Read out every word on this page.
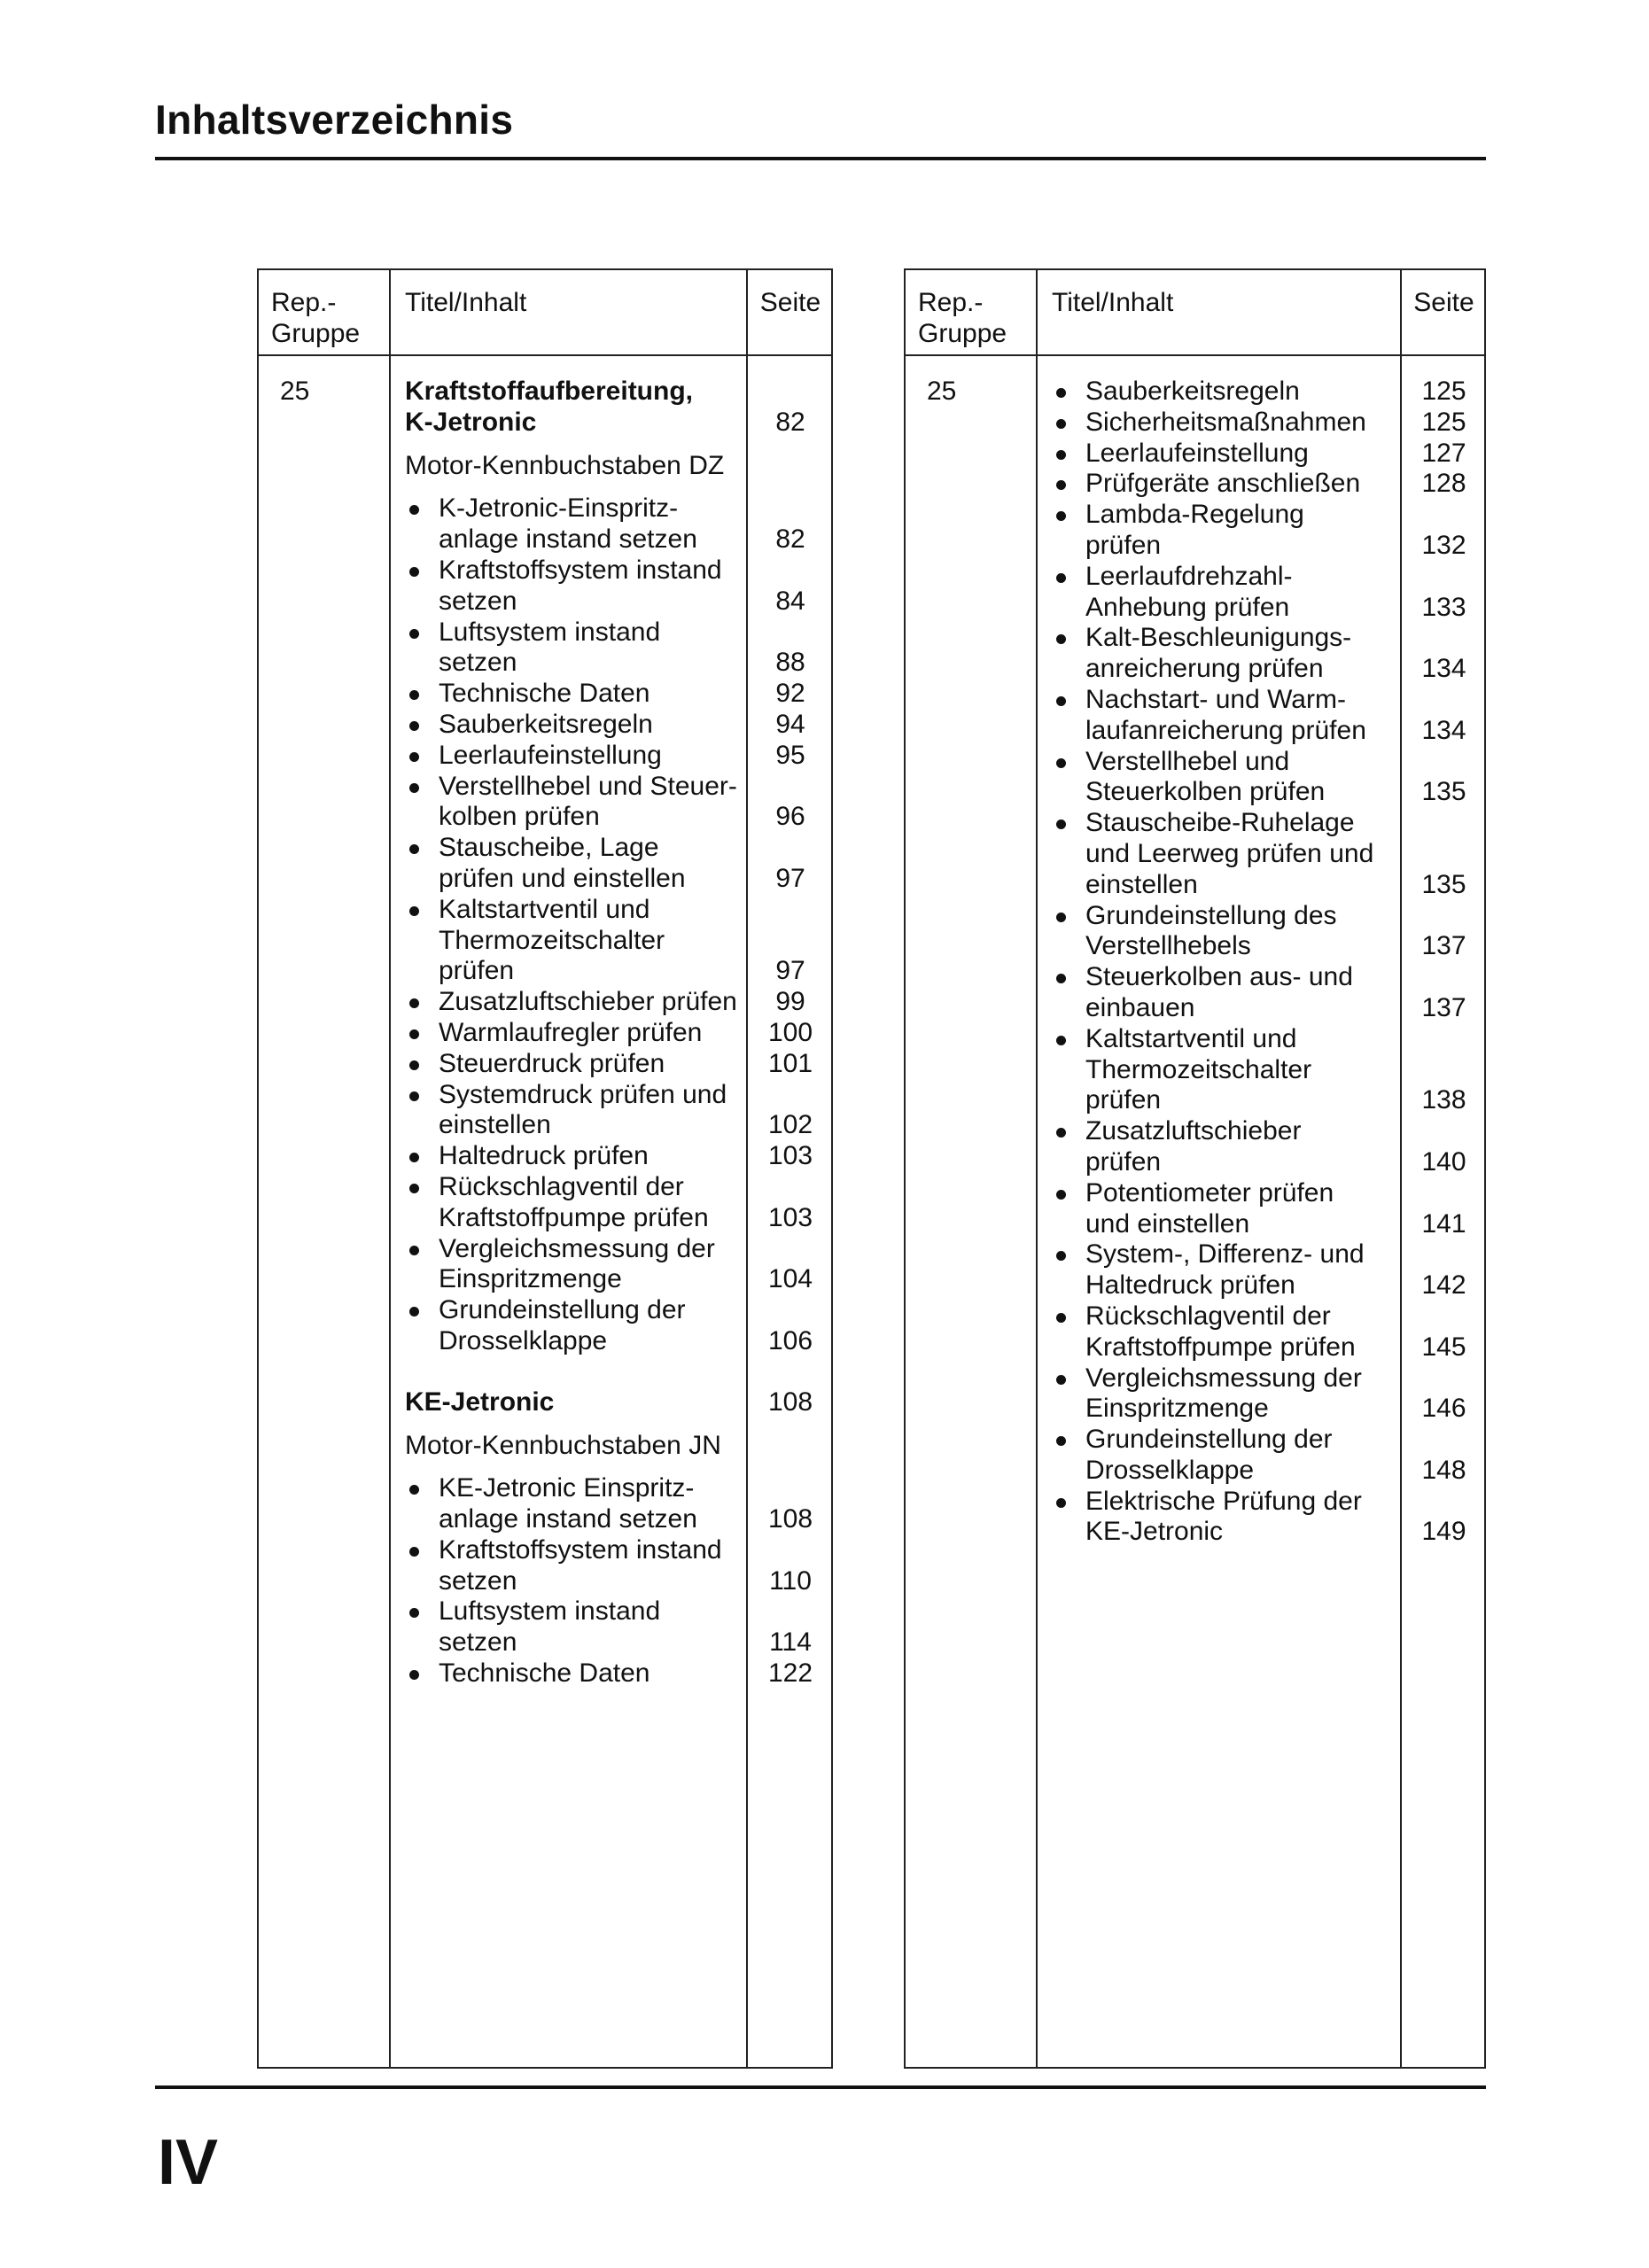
Inhaltsverzeichnis
Rep.-
Gruppe
Titel/Inhalt	Seite
25	Kraftstoffaufbereitung,
K-Jetronic	82
Motor-Kennbuchstaben DZ
K-Jetronic-Einspritz-
anlage instand setzen	82
Kraftstoffsystem instand
setzen	84
Luftsystem instand
setzen	88
Technische Daten	92
Sauberkeitsregeln	94
Leerlaufeinstellung	95
Verstellhebel und Steuer-
kolben prüfen	96
Stauscheibe, Lage
prüfen und einstellen	97
Kaltstartventil und
Thermozeitschalter
prüfen	97
Zusatzluftschieber prüfen	99
Warmlaufregler prüfen	100
Steuerdruck prüfen	101
Systemdruck prüfen und
einstellen	102
Haltedruck prüfen	103
Rückschlagventil der
Kraftstoffpumpe prüfen	103
Vergleichsmessung der
Einspritzmenge	104
Grundeinstellung der
Drosselklappe	106
KE-Jetronic	108
Motor-Kennbuchstaben JN
KE-Jetronic Einspritz-
anlage instand setzen	108
Kraftstoffsystem instand
setzen	110
Luftsystem instand
setzen	114
Technische Daten	122
Rep.-
Gruppe
Titel/Inhalt	Seite
25	Sauberkeitsregeln	125
Sicherheitsmaßnahmen	125
Leerlaufeinstellung	127
Prüfgeräte anschließen	128
Lambda-Regelung
prüfen	132
Leerlaufdrehzahl-
Anhebung prüfen	133
Kalt-Beschleunigungs-
anreicherung prüfen	134
Nachstart- und Warm-
laufanreicherung prüfen	134
Verstellhebel und
Steuerkolben prüfen	135
Stauscheibe-Ruhelage
und Leerweg prüfen und
einstellen	135
Grundeinstellung des
Verstellhebels	137
Steuerkolben aus- und
einbauen	137
Kaltstartventil und
Thermozeitschalter
prüfen	138
Zusatzluftschieber
prüfen	140
Potentiometer prüfen
und einstellen	141
System-, Differenz- und
Haltedruck prüfen	142
Rückschlagventil der
Kraftstoffpumpe prüfen	145
Vergleichsmessung der
Einspritzmenge	146
Grundeinstellung der
Drosselklappe	148
Elektrische Prüfung der
KE-Jetronic	149
IV
